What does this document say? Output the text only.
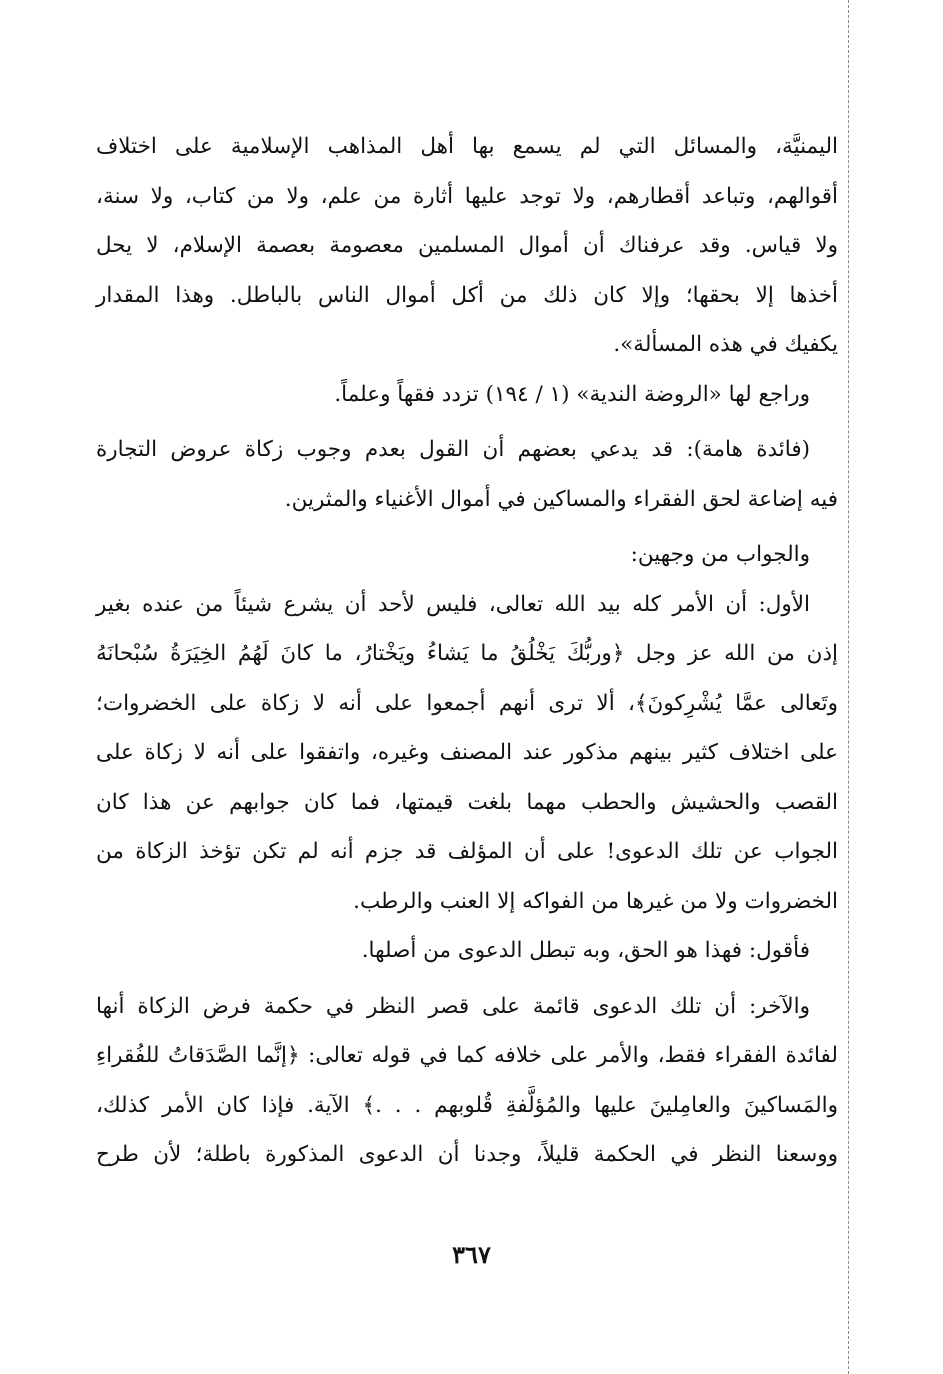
اليمنيَّة، والمسائل التي لم يسمع بها أهل المذاهب الإسلامية على اختلاف
أقوالهم، وتباعد أقطارهم، ولا توجد عليها أثارة من علم، ولا من كتاب، ولا سنة،
ولا قياس. وقد عرفناك أن أموال المسلمين معصومة بعصمة الإسلام، لا يحل
أخذها إلا بحقها؛ وإلا كان ذلك من أكل أموال الناس بالباطل. وهذا المقدار
يكفيك في هذه المسألة».
وراجع لها «الروضة الندية» (١ / ١٩٤) تزدد فقهاً وعلماً.
(فائدة هامة): قد يدعي بعضهم أن القول بعدم وجوب زكاة عروض التجارة
فيه إضاعة لحق الفقراء والمساكين في أموال الأغنياء والمثرين.
والجواب من وجهين:
الأول: أن الأمر كله بيد الله تعالى، فليس لأحد أن يشرع شيئاً من عنده بغير
إذن من الله عز وجل ﴿وربُّكَ يَخْلُقُ ما يَشاءُ ويَخْتارُ، ما كانَ لَهُمُ الخِيَرَةُ سُبْحانَهُ
وتَعالى عمَّا يُشْرِكونَ﴾، ألا ترى أنهم أجمعوا على أنه لا زكاة على الخضروات؛
على اختلاف كثير بينهم مذكور عند المصنف وغيره، واتفقوا على أنه لا زكاة على
القصب والحشيش والحطب مهما بلغت قيمتها، فما كان جوابهم عن هذا كان
الجواب عن تلك الدعوى! على أن المؤلف قد جزم أنه لم تكن تؤخذ الزكاة من
الخضروات ولا من غيرها من الفواكه إلا العنب والرطب.
فأقول: فهذا هو الحق، وبه تبطل الدعوى من أصلها.
والآخر: أن تلك الدعوى قائمة على قصر النظر في حكمة فرض الزكاة أنها
لفائدة الفقراء فقط، والأمر على خلافه كما في قوله تعالى: ﴿إنَّما الصَّدَقاتُ للفُقراءِ
والمَساكينَ والعامِلينَ عليها والمُؤلَّفةِ قُلوبهم . . .﴾ الآية. فإذا كان الأمر كذلك،
ووسعنا النظر في الحكمة قليلاً، وجدنا أن الدعوى المذكورة باطلة؛ لأن طرح
٣٦٧
